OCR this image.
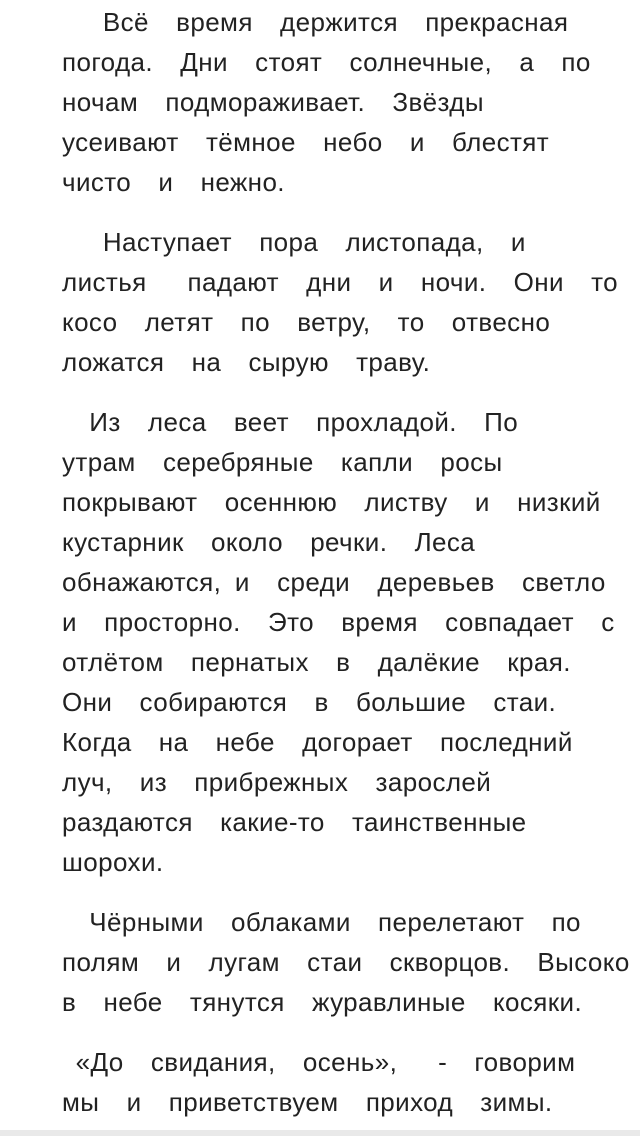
Всё  время  держится  прекрасная
погода.  Дни  стоят  солнечные,  а  по
ночам  подмораживает.  Звёзды
усеивают  тёмное  небо  и  блестят
чисто  и  нежно.
Наступает  пора  листопада,  и
листья   падают  дни  и  ночи.  Они  то
косо  летят  по  ветру,  то  отвесно
ложатся  на  сырую  траву.
Из  леса  веет  прохладой.  По
утрам  серебряные  капли  росы
покрывают  осеннюю  листву  и  низкий
кустарник  около  речки.  Леса
обнажаются, и  среди  деревьев  светло
и  просторно.  Это  время  совпадает  с
отлётом  пернатых  в  далёкие  края.
Они  собираются  в  большие  стаи.
Когда  на  небе  догорает  последний
луч,  из  прибрежных  зарослей
раздаются  какие-то  таинственные
шорохи.
Чёрными  облаками  перелетают  по
полям  и  лугам  стаи  скворцов.  Высоко
в  небе  тянутся  журавлиные  косяки.
«До  свидания,  осень»,   -  говорим
мы  и  приветствуем  приход  зимы.
